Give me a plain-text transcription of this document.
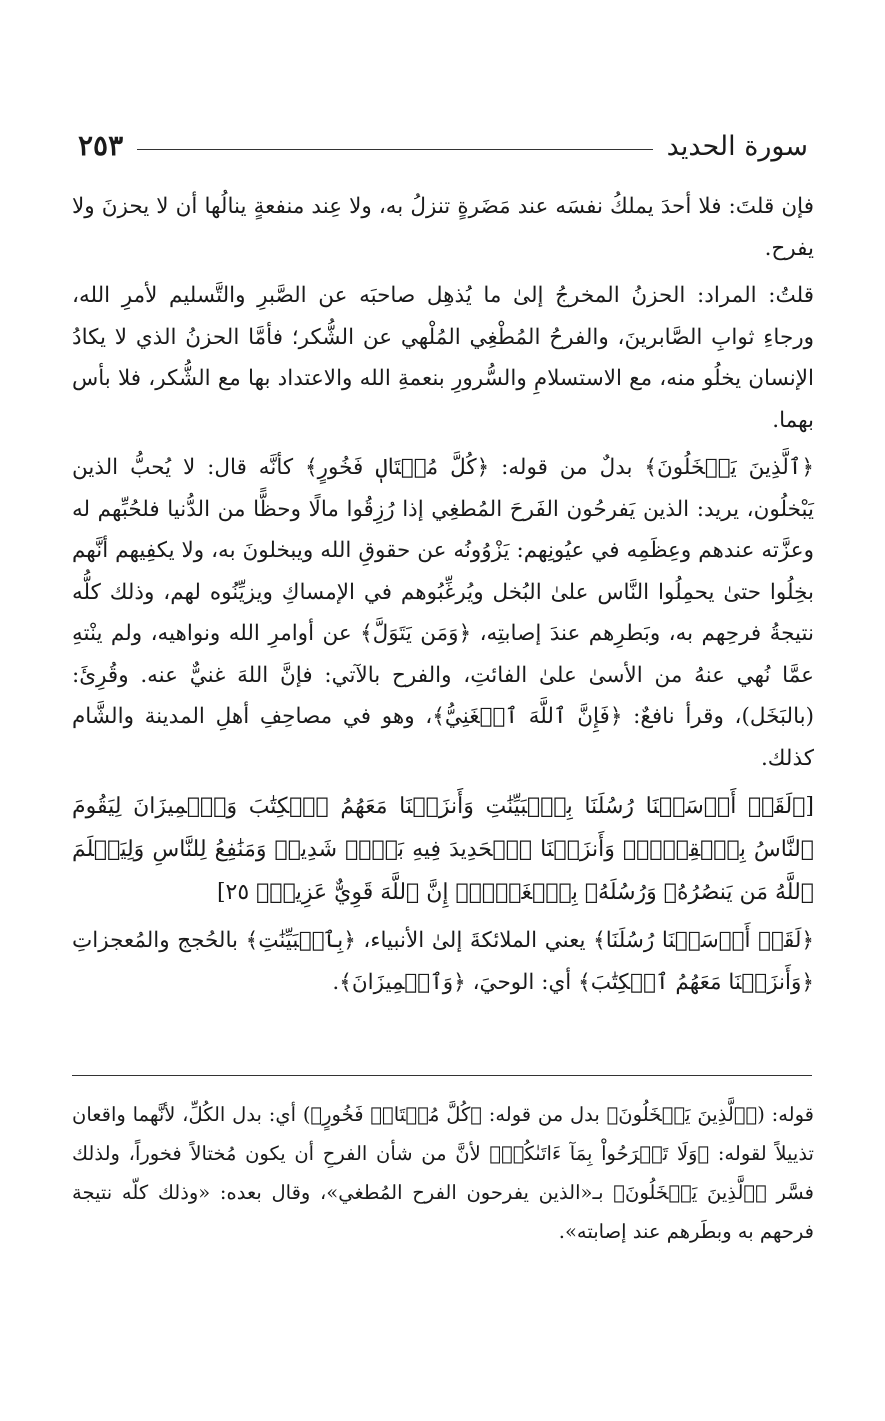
سورة الحديد
٢٥٣

فإن قلتَ: فلا أحدَ يملكُ نفسَه عند مَضَرةٍ تنزلُ به، ولا عِند منفعةٍ ينالُها أن لا يحزنَ ولا يفرح.

قلتُ: المراد: الحزنُ المخرجُ إلىٰ ما يُذهِل صاحبَه عن الصَّبرِ والتَّسليم لأمرِ الله، ورجاءِ ثوابِ الصَّابرينَ، والفرحُ المُطْغِي المُلْهي عن الشُّكر؛ فأمَّا الحزنُ الذي لا يكادُ الإنسان يخلُو منه، مع الاستسلامِ والسُّرورِ بنعمةِ الله والاعتداد بها مع الشُّكر، فلا بأس بهما.

﴿ٱلَّذِينَ يَبۡخَلُونَ﴾ بدلٌ من قوله: ﴿كُلَّ مُخۡتَالٖ فَخُورٍ﴾ كأنَّه قال: لا يُحبُّ الذين يَبْخلُون، يريد: الذين يَفرحُون الفَرحَ المُطغِي إذا رُزِقُوا مالًا وحظًّا من الدُّنيا فلحُبِّهم له وعزَّته عندهم وعِظَمِه في عيُونِهم: يَزْوُونُه عن حقوقِ الله ويبخلونَ به، ولا يكفِيهم أنَّهم بخِلُوا حتىٰ يحمِلُوا النَّاس علىٰ البُخل ويُرغِّبُوهم في الإمساكِ ويزيِّنُوه لهم، وذلك كلُّه نتيجةُ فرحِهم به، وبَطرِهم عندَ إصابتِه، ﴿وَمَن يَتَوَلَّ﴾ عن أوامرِ الله ونواهيه، ولم ينْتهِ عمَّا نُهي عنهُ من الأسىٰ علىٰ الفائتِ، والفرح بالآتي: فإنَّ اللهَ غنيٌّ عنه. وقُرِئَ: (بالبَخَل)، وقرأ نافعٌ: ﴿فَإِنَّ ٱللَّهَ ٱلۡغَنِيُّ﴾، وهو في مصاحِفِ أهلِ المدينة والشَّام كذلك.

[﴿لَقَدۡ أَرۡسَلۡنَا رُسُلَنَا بِٱلۡبَيِّنَٰتِ وَأَنزَلۡنَا مَعَهُمُ ٱلۡكِتَٰبَ وَٱلۡمِيزَانَ لِيَقُومَ ٱلنَّاسُ بِٱلۡقِسۡطِۖ وَأَنزَلۡنَا ٱلۡحَدِيدَ فِيهِ بَأۡسٞ شَدِيدٞ وَمَنَٰفِعُ لِلنَّاسِ وَلِيَعۡلَمَ ٱللَّهُ مَن يَنصُرُهُۥ وَرُسُلَهُۥ بِٱلۡغَيۡبِۚ إِنَّ ٱللَّهَ قَوِيٌّ عَزِيزٞ﴾ ٢٥]

﴿لَقَدۡ أَرۡسَلۡنَا رُسُلَنَا﴾ يعني الملائكةَ إلىٰ الأنبياء، ﴿بِٱلۡبَيِّنَٰتِ﴾ بالحُجج والمُعجزاتِ ﴿وَأَنزَلۡنَا مَعَهُمُ ٱلۡكِتَٰبَ﴾ أي: الوحيَ، ﴿وَٱلۡمِيزَانَ﴾.

قوله: (﴿ٱلَّذِينَ يَبۡخَلُونَ﴾ بدل من قوله: ﴿كُلَّ مُخۡتَالٖ فَخُورٍ﴾) أي: بدل الكُلِّ، لأنَّهما واقعان تذييلاً لقوله: ﴿وَلَا تَفۡرَحُواْ بِمَآ ءَاتَىٰكُمۡ﴾ لأنَّ من شأن الفرحِ أن يكون مُختالاً فخوراً، ولذلك فسَّر ﴿ٱلَّذِينَ يَبۡخَلُونَ﴾ بـ«الذين يفرحون الفرح المُطغي»، وقال بعده: «وذلك كلّه نتيجة فرحهم به وبطَرهم عند إصابته».
